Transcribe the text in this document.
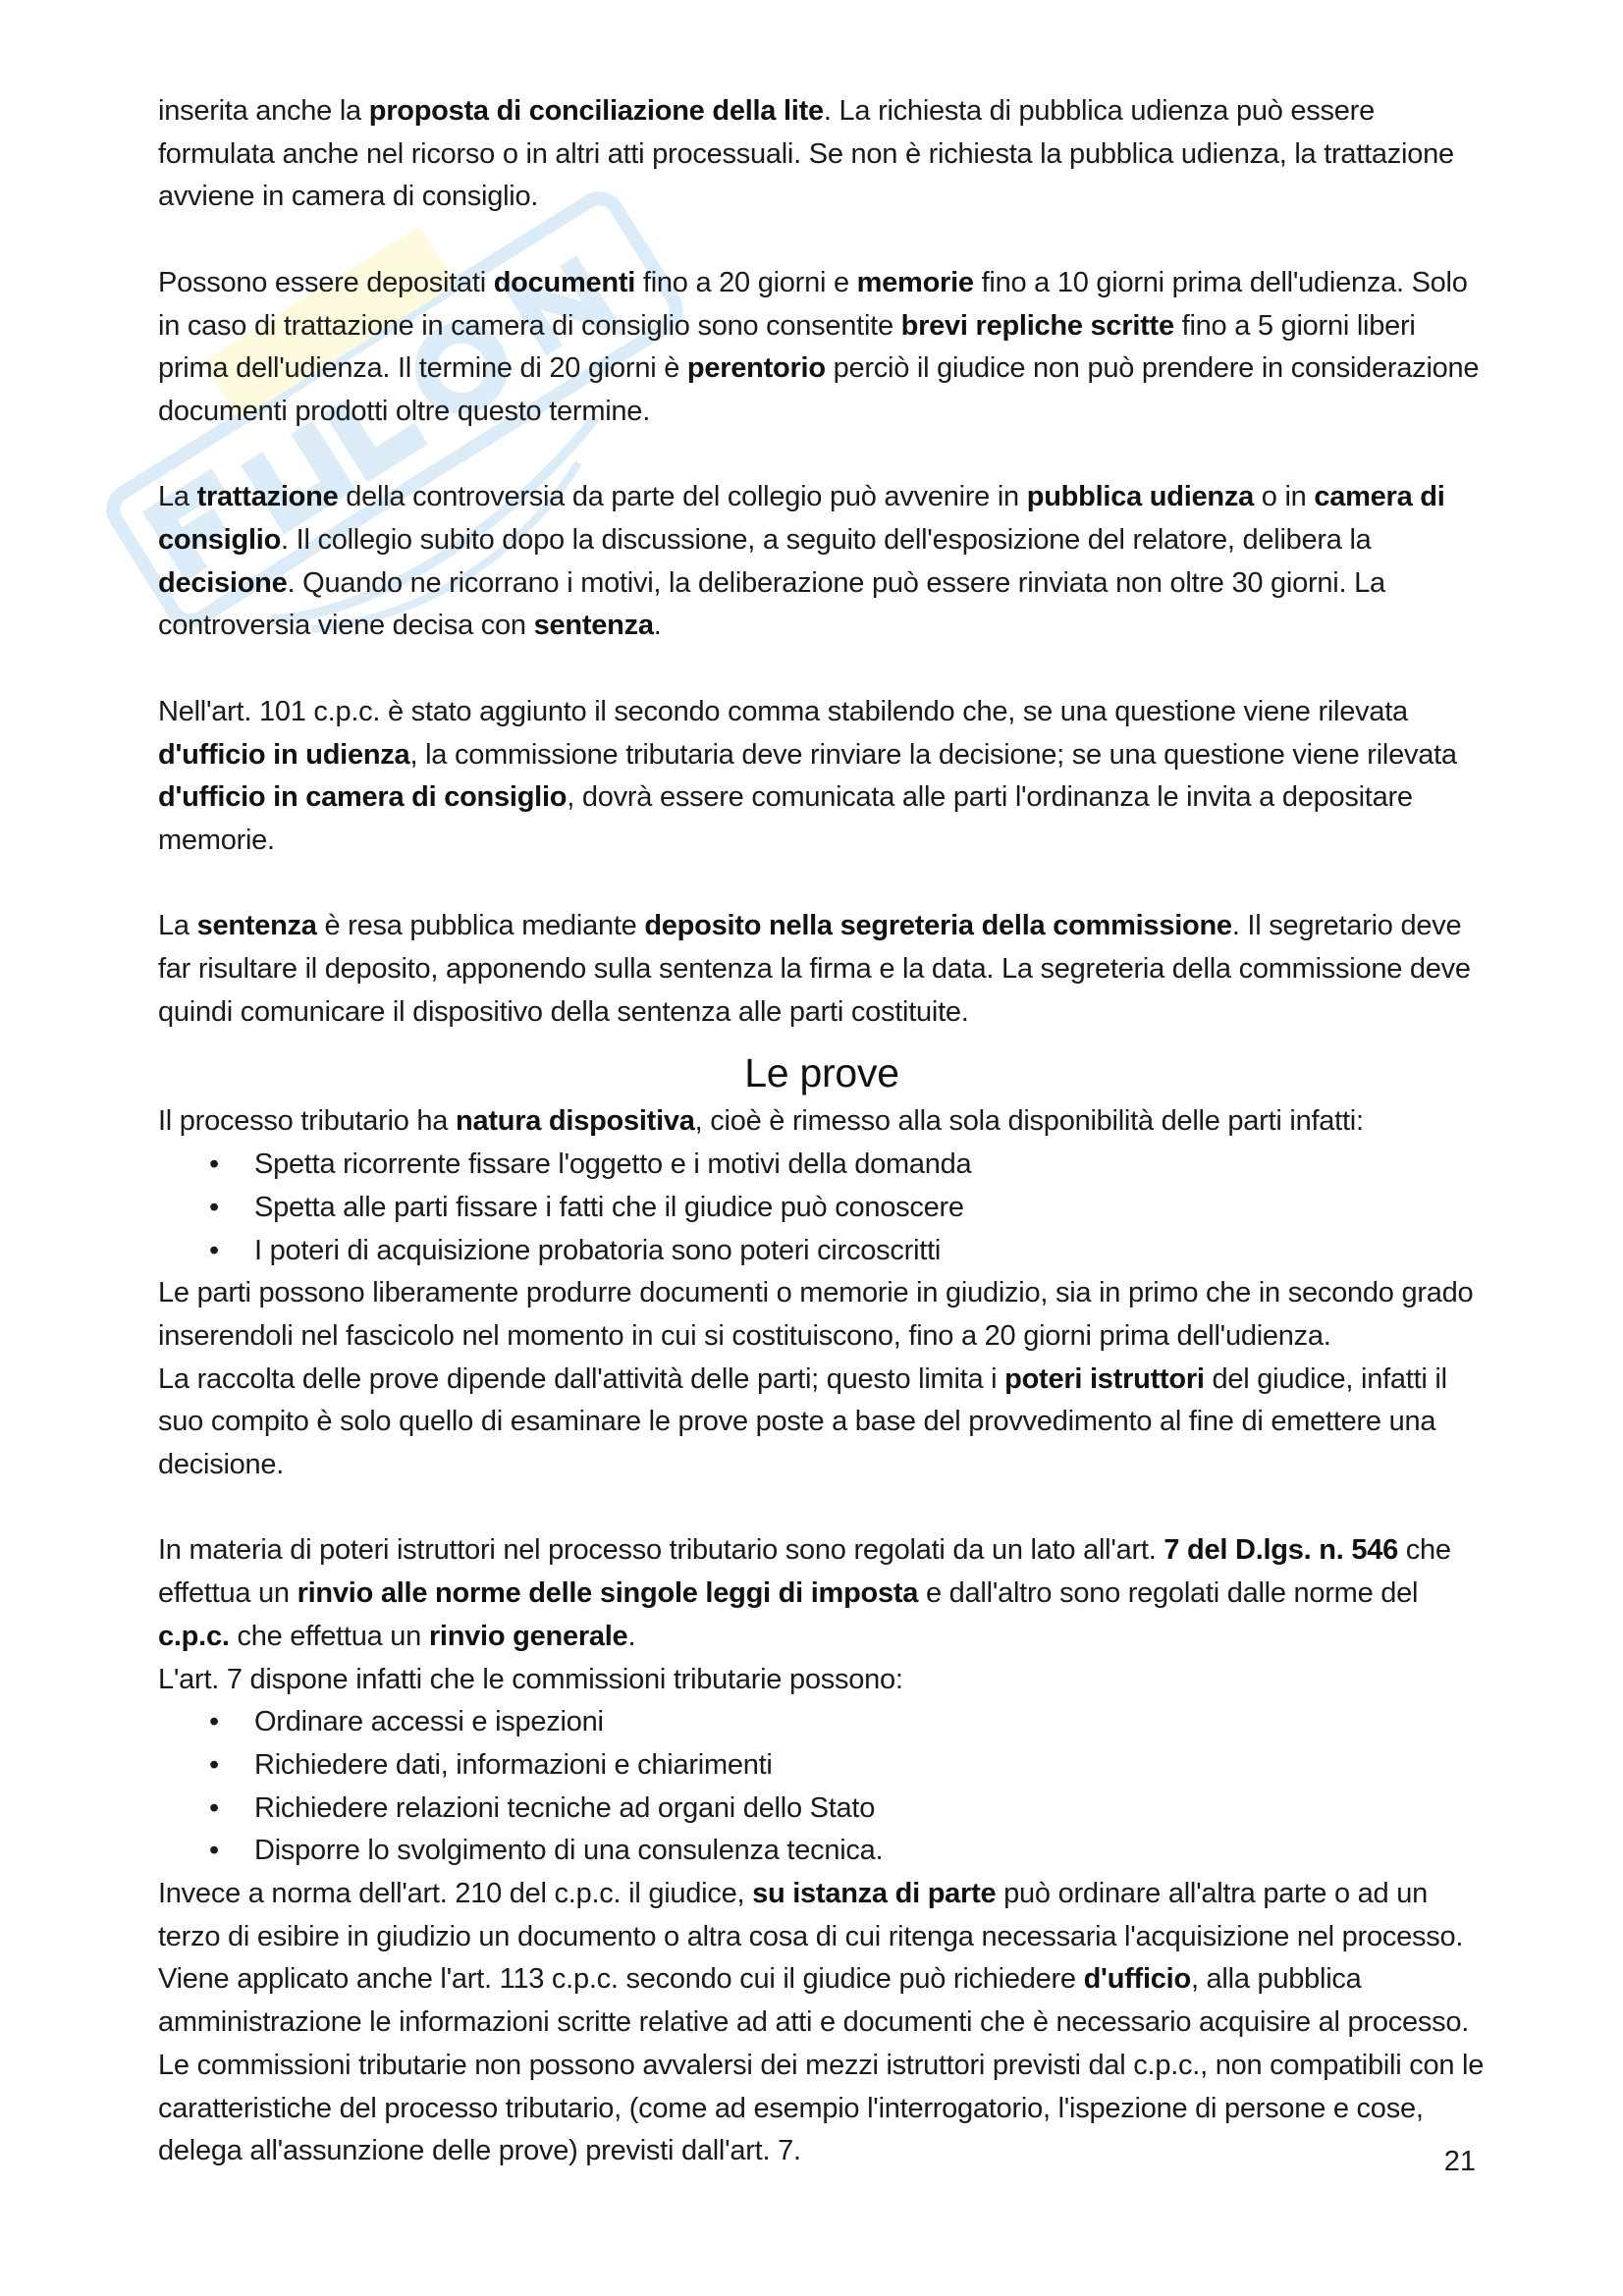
inserita anche la proposta di conciliazione della lite. La richiesta di pubblica udienza può essere formulata anche nel ricorso o in altri atti processuali. Se non è richiesta la pubblica udienza, la trattazione avviene in camera di consiglio.

Possono essere depositati documenti fino a 20 giorni e memorie fino a 10 giorni prima dell'udienza. Solo in caso di trattazione in camera di consiglio sono consentite brevi repliche scritte fino a 5 giorni liberi prima dell'udienza. Il termine di 20 giorni è perentorio perciò il giudice non può prendere in considerazione documenti prodotti oltre questo termine.

La trattazione della controversia da parte del collegio può avvenire in pubblica udienza o in camera di consiglio. Il collegio subito dopo la discussione, a seguito dell'esposizione del relatore, delibera la decisione. Quando ne ricorrano i motivi, la deliberazione può essere rinviata non oltre 30 giorni. La controversia viene decisa con sentenza.

Nell'art. 101 c.p.c. è stato aggiunto il secondo comma stabilendo che, se una questione viene rilevata d'ufficio in udienza, la commissione tributaria deve rinviare la decisione; se una questione viene rilevata d'ufficio in camera di consiglio, dovrà essere comunicata alle parti l'ordinanza le invita a depositare memorie.

La sentenza è resa pubblica mediante deposito nella segreteria della commissione. Il segretario deve far risultare il deposito, apponendo sulla sentenza la firma e la data. La segreteria della commissione deve quindi comunicare il dispositivo della sentenza alle parti costituite.

Le prove

Il processo tributario ha natura dispositiva, cioè è rimesso alla sola disponibilità delle parti infatti:

• Spetta ricorrente fissare l'oggetto e i motivi della domanda
• Spetta alle parti fissare i fatti che il giudice può conoscere
• I poteri di acquisizione probatoria sono poteri circoscritti

Le parti possono liberamente produrre documenti o memorie in giudizio, sia in primo che in secondo grado inserendoli nel fascicolo nel momento in cui si costituiscono, fino a 20 giorni prima dell'udienza.

La raccolta delle prove dipende dall'attività delle parti; questo limita i poteri istruttori del giudice, infatti il suo compito è solo quello di esaminare le prove poste a base del provvedimento al fine di emettere una decisione.

In materia di poteri istruttori nel processo tributario sono regolati da un lato all'art. 7 del D.lgs. n. 546 che effettua un rinvio alle norme delle singole leggi di imposta e dall'altro sono regolati dalle norme del c.p.c. che effettua un rinvio generale.

L'art. 7 dispone infatti che le commissioni tributarie possono:

• Ordinare accessi e ispezioni
• Richiedere dati, informazioni e chiarimenti
• Richiedere relazioni tecniche ad organi dello Stato
• Disporre lo svolgimento di una consulenza tecnica.

Invece a norma dell'art. 210 del c.p.c. il giudice, su istanza di parte può ordinare all'altra parte o ad un terzo di esibire in giudizio un documento o altra cosa di cui ritenga necessaria l'acquisizione nel processo. Viene applicato anche l'art. 113 c.p.c. secondo cui il giudice può richiedere d'ufficio, alla pubblica amministrazione le informazioni scritte relative ad atti e documenti che è necessario acquisire al processo.

Le commissioni tributarie non possono avvalersi dei mezzi istruttori previsti dal c.p.c., non compatibili con le caratteristiche del processo tributario, (come ad esempio l'interrogatorio, l'ispezione di persone e cose, delega all'assunzione delle prove) previsti dall'art. 7.	21
